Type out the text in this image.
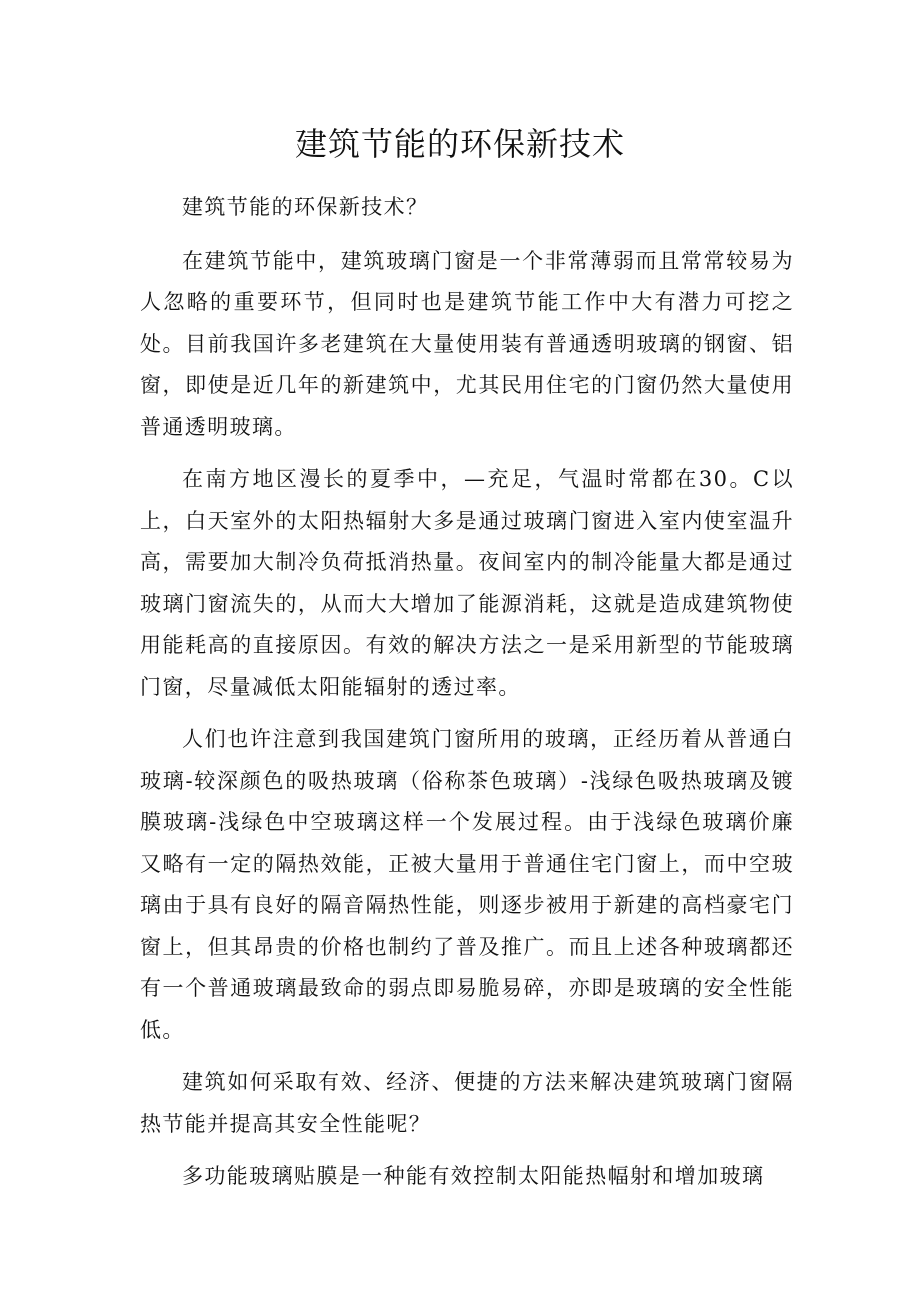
建筑节能的环保新技术

建筑节能的环保新技术？

在建筑节能中，建筑玻璃门窗是一个非常薄弱而且常常较易为人忽略的重要环节，但同时也是建筑节能工作中大有潜力可挖之处。目前我国许多老建筑在大量使用装有普通透明玻璃的钢窗、铝窗，即使是近几年的新建筑中，尤其民用住宅的门窗仍然大量使用普通透明玻璃。

在南方地区漫长的夏季中，—充足，气温时常都在30。C以上，白天室外的太阳热辐射大多是通过玻璃门窗进入室内使室温升高，需要加大制冷负荷抵消热量。夜间室内的制冷能量大都是通过玻璃门窗流失的，从而大大增加了能源消耗，这就是造成建筑物使用能耗高的直接原因。有效的解决方法之一是采用新型的节能玻璃门窗，尽量减低太阳能辐射的透过率。

人们也许注意到我国建筑门窗所用的玻璃，正经历着从普通白玻璃-较深颜色的吸热玻璃（俗称茶色玻璃）-浅绿色吸热玻璃及镀膜玻璃-浅绿色中空玻璃这样一个发展过程。由于浅绿色玻璃价廉又略有一定的隔热效能，正被大量用于普通住宅门窗上，而中空玻璃由于具有良好的隔音隔热性能，则逐步被用于新建的高档豪宅门窗上，但其昂贵的价格也制约了普及推广。而且上述各种玻璃都还有一个普通玻璃最致命的弱点即易脆易碎，亦即是玻璃的安全性能低。

建筑如何采取有效、经济、便捷的方法来解决建筑玻璃门窗隔热节能并提高其安全性能呢？

多功能玻璃贴膜是一种能有效控制太阳能热幅射和增加玻璃
